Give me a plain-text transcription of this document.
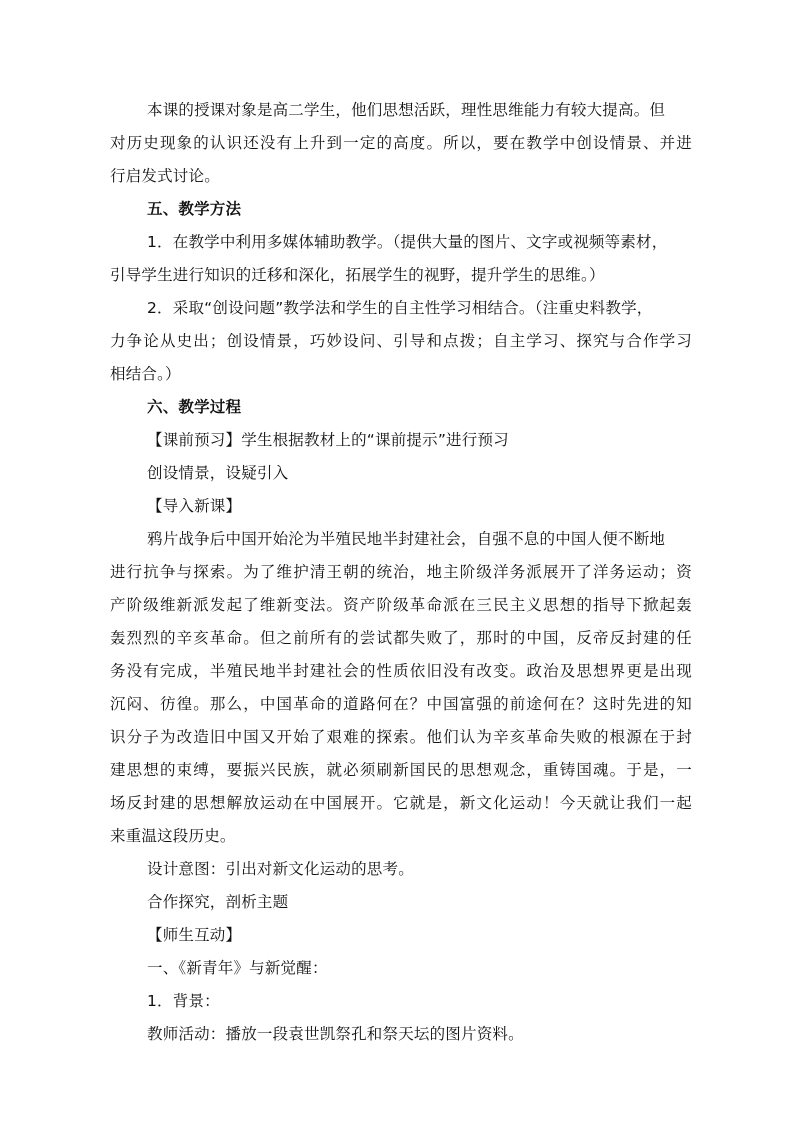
本课的授课对象是高二学生，他们思想活跃，理性思维能力有较大提高。但
对历史现象的认识还没有上升到一定的高度。所以，要在教学中创设情景、并进
行启发式讨论。
五、教学方法
1．在教学中利用多媒体辅助教学。（提供大量的图片、文字或视频等素材，
引导学生进行知识的迁移和深化，拓展学生的视野，提升学生的思维。）
2．采取“创设问题”教学法和学生的自主性学习相结合。（注重史料教学，
力争论从史出；创设情景，巧妙设问、引导和点拨；自主学习、探究与合作学习
相结合。）
六、教学过程
【课前预习】学生根据教材上的“课前提示”进行预习
创设情景，设疑引入
【导入新课】
鸦片战争后中国开始沦为半殖民地半封建社会，自强不息的中国人便不断地
进行抗争与探索。为了维护清王朝的统治，地主阶级洋务派展开了洋务运动；资
产阶级维新派发起了维新变法。资产阶级革命派在三民主义思想的指导下掀起轰
轰烈烈的辛亥革命。但之前所有的尝试都失败了，那时的中国，反帝反封建的任
务没有完成，半殖民地半封建社会的性质依旧没有改变。政治及思想界更是出现
沉闷、彷徨。那么，中国革命的道路何在？中国富强的前途何在？这时先进的知
识分子为改造旧中国又开始了艰难的探索。他们认为辛亥革命失败的根源在于封
建思想的束缚，要振兴民族，就必须刷新国民的思想观念，重铸国魂。于是，一
场反封建的思想解放运动在中国展开。它就是，新文化运动！今天就让我们一起
来重温这段历史。
设计意图：引出对新文化运动的思考。
合作探究，剖析主题
【师生互动】
一、《新青年》与新觉醒：
1．背景：
教师活动：播放一段袁世凯祭孔和祭天坛的图片资料。
